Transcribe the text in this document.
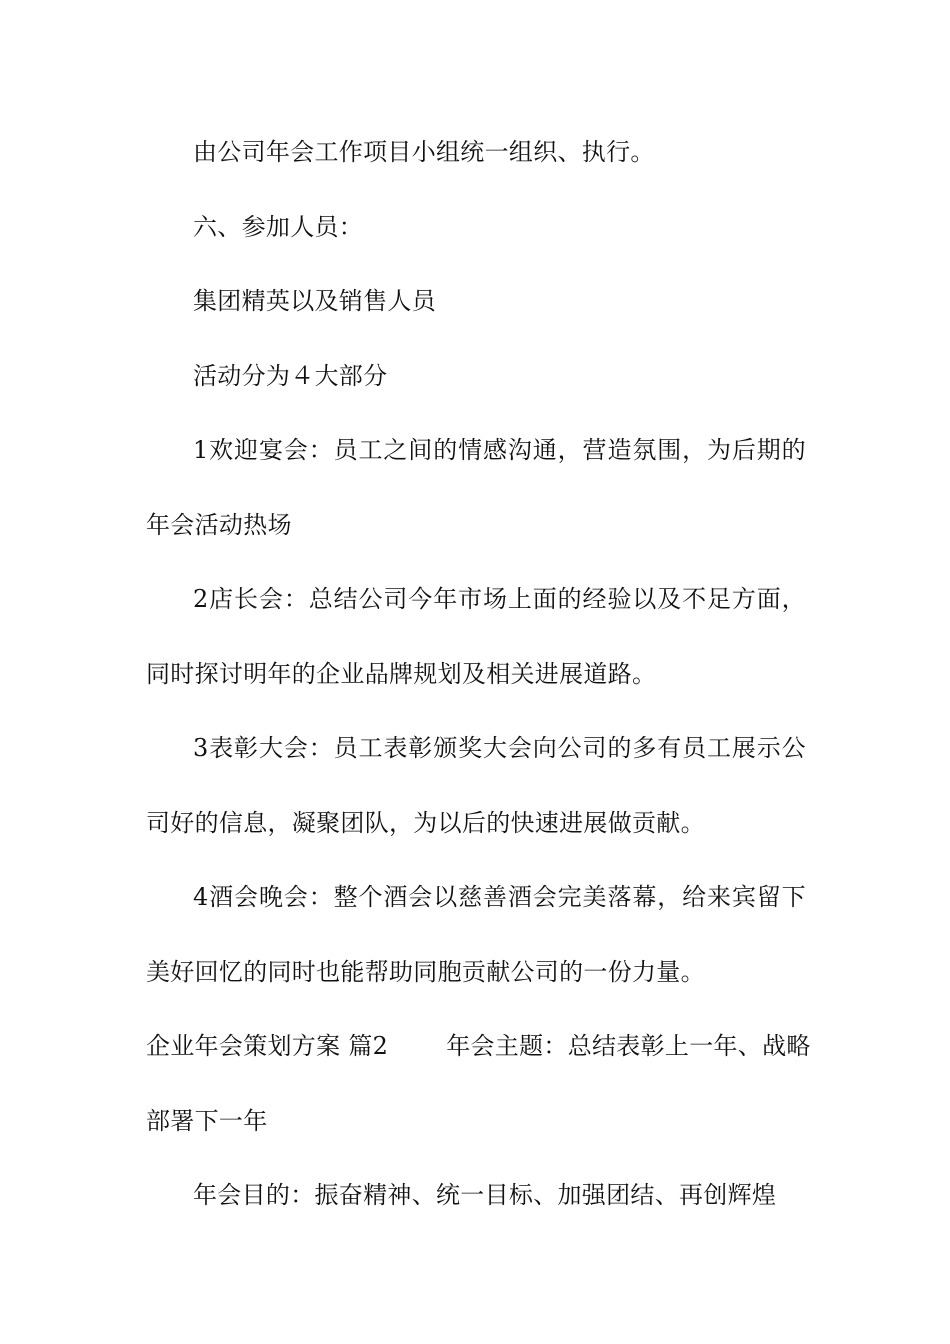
由公司年会工作项目小组统一组织、执行。
六、参加人员：
集团精英以及销售人员
活动分为４大部分
1欢迎宴会：员工之间的情感沟通，营造氛围，为后期的
年会活动热场
2店长会：总结公司今年市场上面的经验以及不足方面，
同时探讨明年的企业品牌规划及相关进展道路。
3表彰大会：员工表彰颁奖大会向公司的多有员工展示公
司好的信息，凝聚团队，为以后的快速进展做贡献。
4酒会晚会：整个酒会以慈善酒会完美落幕，给来宾留下
美好回忆的同时也能帮助同胞贡献公司的一份力量。
企业年会策划方案 篇2 年会主题：总结表彰上一年、战略
部署下一年
年会目的：振奋精神、统一目标、加强团结、再创辉煌
